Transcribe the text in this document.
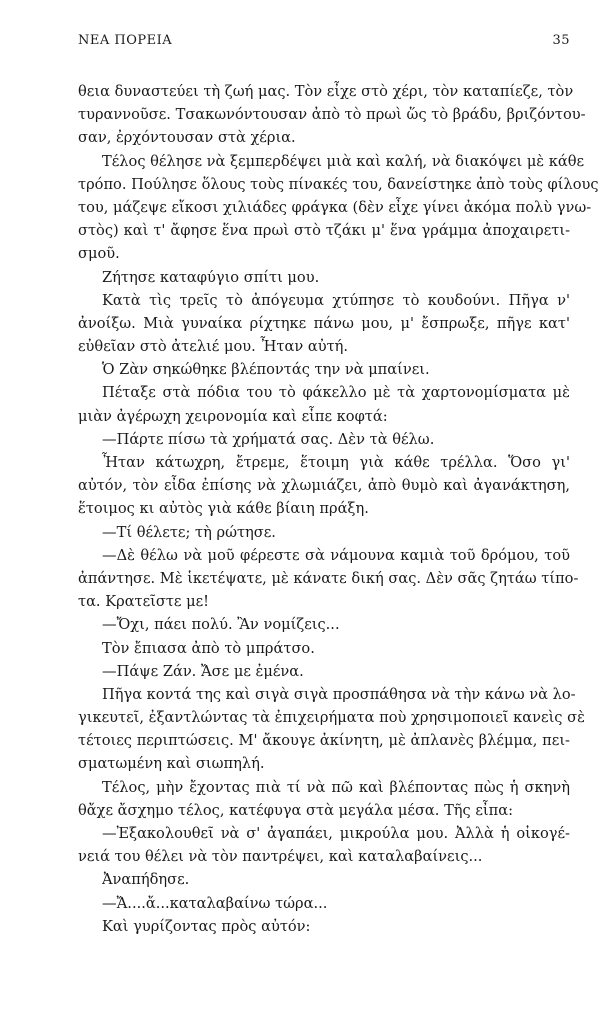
ΝΕΑ ΠΟΡΕΙΑ	35
θεια δυναστεύει τὴ ζωή μας. Τὸν εἶχε στὸ χέρι, τὸν καταπίεζε, τὸν
τυραννοῦσε. Τσακωνόντουσαν ἀπὸ τὸ πρωὶ ὥς τὸ βράδυ, βριζόντου-
σαν, ἐρχόντουσαν στὰ χέρια.
Τέλος θέλησε νὰ ξεμπερδέψει μιὰ καὶ καλή, νὰ διακόψει μὲ κάθε
τρόπο. Πούλησε ὅλους τοὺς πίνακές του, δανείστηκε ἀπὸ τοὺς φίλους
του, μάζεψε εἴκοσι χιλιάδες φράγκα (δὲν εἶχε γίνει ἀκόμα πολὺ γνω-
στὸς) καὶ τ' ἄφησε ἕνα πρωὶ στὸ τζάκι μ' ἕνα γράμμα ἀποχαιρετι-
σμοῦ.
Ζήτησε καταφύγιο σπίτι μου.
Κατὰ τὶς τρεῖς τὸ ἀπόγευμα χτύπησε τὸ κουδούνι. Πῆγα ν'
ἀνοίξω. Μιὰ γυναίκα ρίχτηκε πάνω μου, μ' ἔσπρωξε, πῆγε κατ'
εὐθεῖαν στὸ ἀτελιέ μου. Ἦταν αὐτή.
Ὁ Ζὰν σηκώθηκε βλέποντάς την νὰ μπαίνει.
Πέταξε στὰ πόδια του τὸ φάκελλο μὲ τὰ χαρτονομίσματα μὲ
μιὰν ἀγέρωχη χειρονομία καὶ εἶπε κοφτά:
—Πάρτε πίσω τὰ χρήματά σας. Δὲν τὰ θέλω.
Ἦταν κάτωχρη, ἔτρεμε, ἕτοιμη γιὰ κάθε τρέλλα. Ὅσο γι'
αὐτόν, τὸν εἶδα ἐπίσης νὰ χλωμιάζει, ἀπὸ θυμὸ καὶ ἀγανάκτηση,
ἕτοιμος κι αὐτὸς γιὰ κάθε βίαιη πράξη.
—Τί θέλετε; τὴ ρώτησε.
—Δὲ θέλω νὰ μοῦ φέρεστε σὰ νάμουνα καμιὰ τοῦ δρόμου, τοῦ
ἀπάντησε. Μὲ ἱκετέψατε, μὲ κάνατε δική σας. Δὲν σᾶς ζητάω τίπο-
τα. Κρατεῖστε με!
—Ὄχι, πάει πολύ. Ἂν νομίζεις...
Τὸν ἔπιασα ἀπὸ τὸ μπράτσο.
—Πάψε Ζάν. Ἄσε με ἐμένα.
Πῆγα κοντά της καὶ σιγὰ σιγὰ προσπάθησα νὰ τὴν κάνω νὰ λο-
γικευτεῖ, ἐξαντλώντας τὰ ἐπιχειρήματα ποὺ χρησιμοποιεῖ κανεὶς σὲ
τέτοιες περιπτώσεις. Μ' ἄκουγε ἀκίνητη, μὲ ἀπλανὲς βλέμμα, πει-
σματωμένη καὶ σιωπηλή.
Τέλος, μὴν ἔχοντας πιὰ τί νὰ πῶ καὶ βλέποντας πὼς ἡ σκηνὴ
θἄχε ἄσχημο τέλος, κατέφυγα στὰ μεγάλα μέσα. Τῆς εἶπα:
—Ἐξακολουθεῖ νὰ σ' ἀγαπάει, μικρούλα μου. Ἀλλὰ ἡ οἰκογέ-
νειά του θέλει νὰ τὸν παντρέψει, καὶ καταλαβαίνεις...
Ἀναπήδησε.
—Ἄ....ἄ...καταλαβαίνω τώρα...
Καὶ γυρίζοντας πρὸς αὐτόν:
